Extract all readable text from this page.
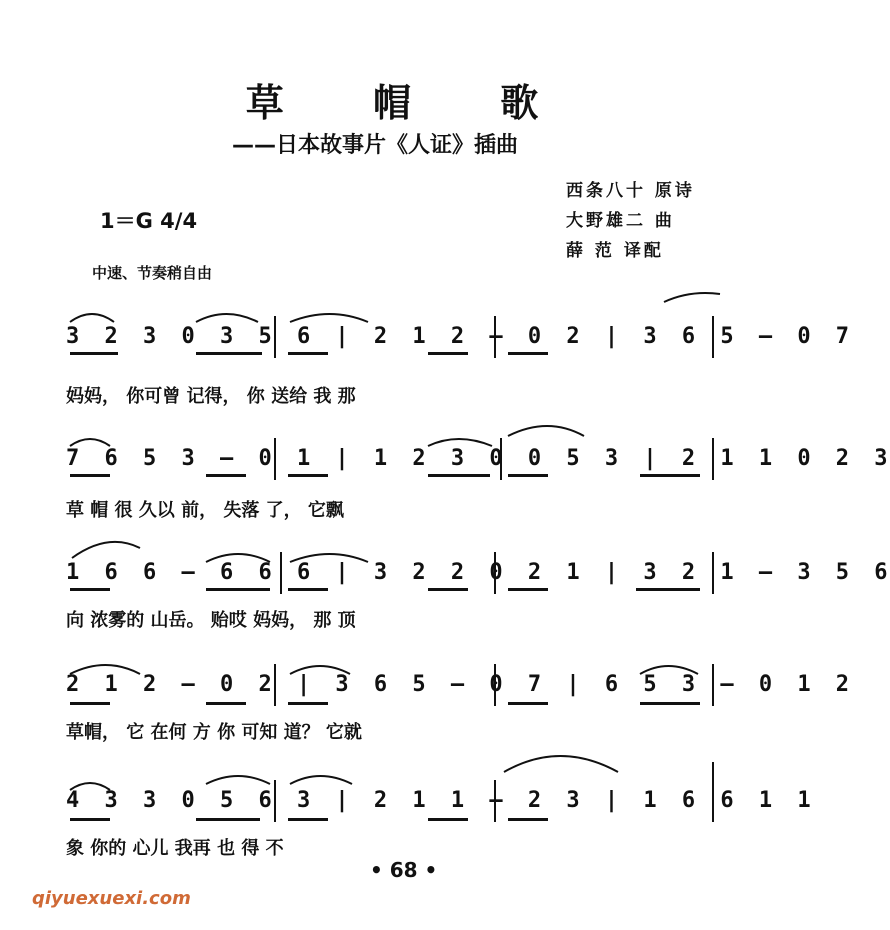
草 帽 歌
——日本故事片《人证》插曲
西条八十 原诗
大野雄二 曲
薛 范 译配
1＝G 4/4
中速、节奏稍自由
3 2 3 0 3 5 6 | 2 1 2 — 0 2 | 3 6 5 — 0 7
妈妈， 你可曾 记得， 你 送给 我 那
7 6 5 3 — 0 1 | 1 2 3 0 0 5 3 | 2 1 1 0 2 3
草 帽 很 久以 前， 失落 了， 它飘
1 6 6 — 6 6 6 | 3 2 2 0 2 1 | 3 2 1 — 3 5 6
向 浓雾的 山岳。 贻哎 妈妈， 那 顶
2 1 2 — 0 2 | 3 6 5 — 0 7 | 6 5 3 — 0 1 2
草帽， 它 在何 方 你 可知 道？ 它就
4 3 3 0 5 6 3 | 2 1 1 — 2 3 | 1 6 6 1 1
象 你的 心儿 我再 也 得 不
• 68 •
qiyuexuexi.com
